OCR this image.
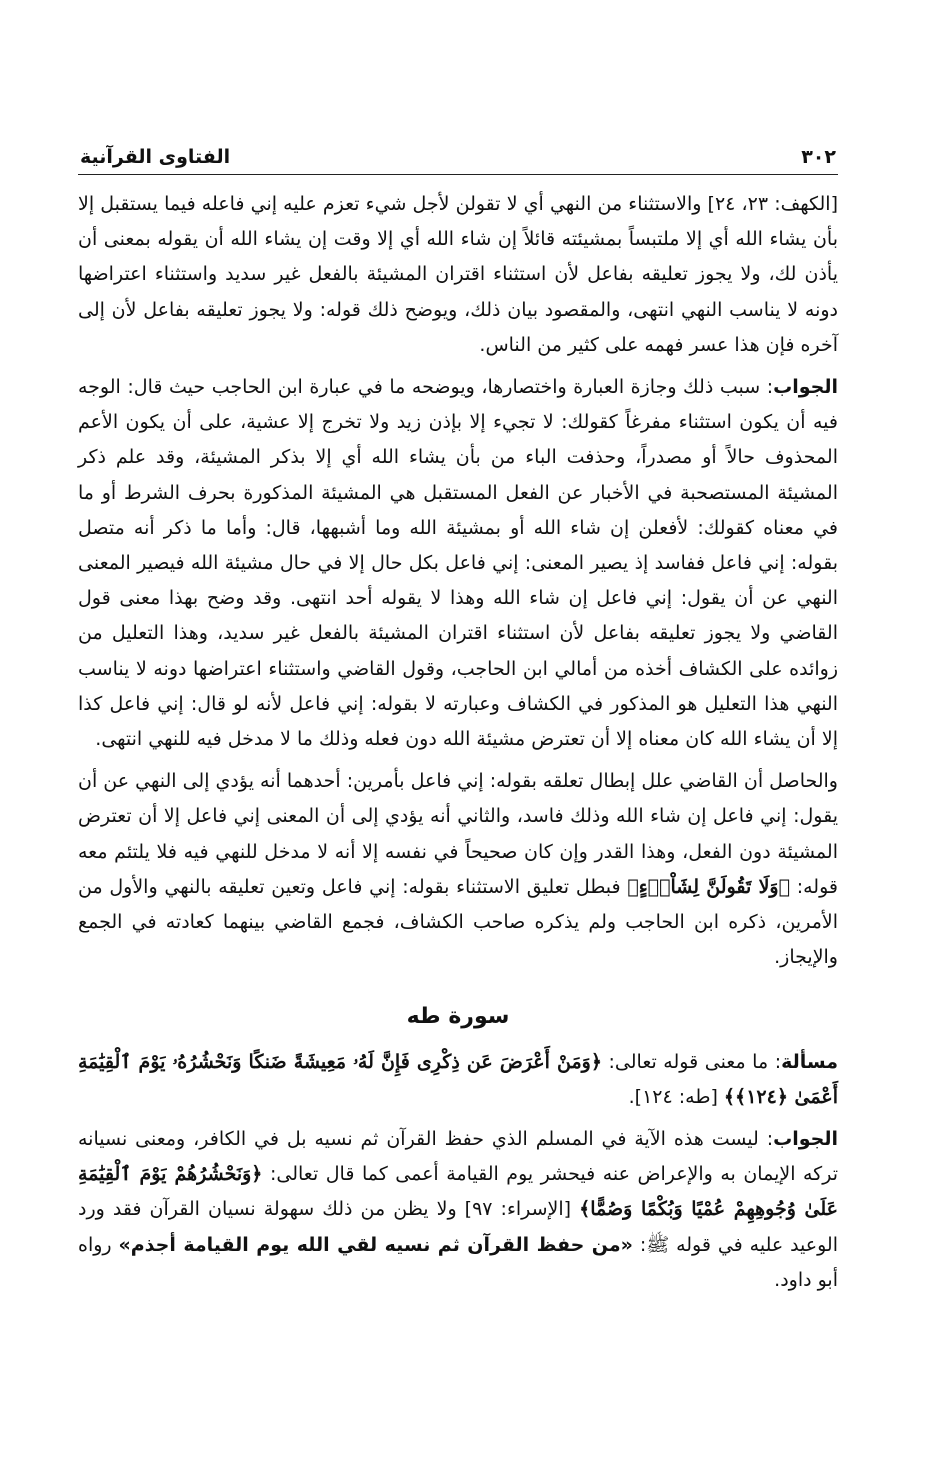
٣٠٢
الفتاوى القرآنية

[الكهف: ٢٣، ٢٤] والاستثناء من النهي أي لا تقولن لأجل شيء تعزم عليه إني فاعله فيما يستقبل إلا بأن يشاء الله أي إلا ملتبساً بمشيئته قائلاً إن شاء الله أي إلا وقت إن يشاء الله أن يقوله بمعنى أن يأذن لك، ولا يجوز تعليقه بفاعل لأن استثناء اقتران المشيئة بالفعل غير سديد واستثناء اعتراضها دونه لا يناسب النهي انتهى، والمقصود بيان ذلك، ويوضح ذلك قوله: ولا يجوز تعليقه بفاعل لأن إلى آخره فإن هذا عسر فهمه على كثير من الناس.

الجواب: سبب ذلك وجازة العبارة واختصارها، ويوضحه ما في عبارة ابن الحاجب حيث قال: الوجه فيه أن يكون استثناء مفرغاً كقولك: لا تجيء إلا بإذن زيد ولا تخرج إلا عشية، على أن يكون الأعم المحذوف حالاً أو مصدراً، وحذفت الباء من بأن يشاء الله أي إلا بذكر المشيئة، وقد علم ذكر المشيئة المستصحبة في الأخبار عن الفعل المستقبل هي المشيئة المذكورة بحرف الشرط أو ما في معناه كقولك: لأفعلن إن شاء الله أو بمشيئة الله وما أشبهها، قال: وأما ما ذكر أنه متصل بقوله: إني فاعل ففاسد إذ يصير المعنى: إني فاعل بكل حال إلا في حال مشيئة الله فيصير المعنى النهي عن أن يقول: إني فاعل إن شاء الله وهذا لا يقوله أحد انتهى. وقد وضح بهذا معنى قول القاضي ولا يجوز تعليقه بفاعل لأن استثناء اقتران المشيئة بالفعل غير سديد، وهذا التعليل من زوائده على الكشاف أخذه من أمالي ابن الحاجب، وقول القاضي واستثناء اعتراضها دونه لا يناسب النهي هذا التعليل هو المذكور في الكشاف وعبارته لا بقوله: إني فاعل لأنه لو قال: إني فاعل كذا إلا أن يشاء الله كان معناه إلا أن تعترض مشيئة الله دون فعله وذلك ما لا مدخل فيه للنهي انتهى.

والحاصل أن القاضي علل إبطال تعلقه بقوله: إني فاعل بأمرين: أحدهما أنه يؤدي إلى النهي عن أن يقول: إني فاعل إن شاء الله وذلك فاسد، والثاني أنه يؤدي إلى أن المعنى إني فاعل إلا أن تعترض المشيئة دون الفعل، وهذا القدر وإن كان صحيحاً في نفسه إلا أنه لا مدخل للنهي فيه فلا يلتئم معه قوله: ﴿وَلَا تَقُولَنَّ لِشَاْىۡءٍ﴾ فبطل تعليق الاستثناء بقوله: إني فاعل وتعين تعليقه بالنهي والأول من الأمرين، ذكره ابن الحاجب ولم يذكره صاحب الكشاف، فجمع القاضي بينهما كعادته في الجمع والإيجاز.

سورة طه

مسألة: ما معنى قوله تعالى: ﴿وَمَنْ أَعْرَضَ عَن ذِكْرِى فَإِنَّ لَهُۥ مَعِيشَةً ضَنكًا وَنَحْشُرُهُۥ يَوْمَ ٱلْقِيَٰمَةِ أَعْمَىٰ ﴿١٢٤﴾﴾ [طه: ١٢٤].

الجواب: ليست هذه الآية في المسلم الذي حفظ القرآن ثم نسيه بل في الكافر، ومعنى نسيانه تركه الإيمان به والإعراض عنه فيحشر يوم القيامة أعمى كما قال تعالى: ﴿وَنَحْشُرُهُمْ يَوْمَ ٱلْقِيَٰمَةِ عَلَىٰ وُجُوهِهِمْ عُمْيًا وَبُكْمًا وَصُمًّا﴾ [الإسراء: ٩٧] ولا يظن من ذلك سهولة نسيان القرآن فقد ورد الوعيد عليه في قوله ﷺ: «من حفظ القرآن ثم نسيه لقي الله يوم القيامة أجذم» رواه أبو داود.
